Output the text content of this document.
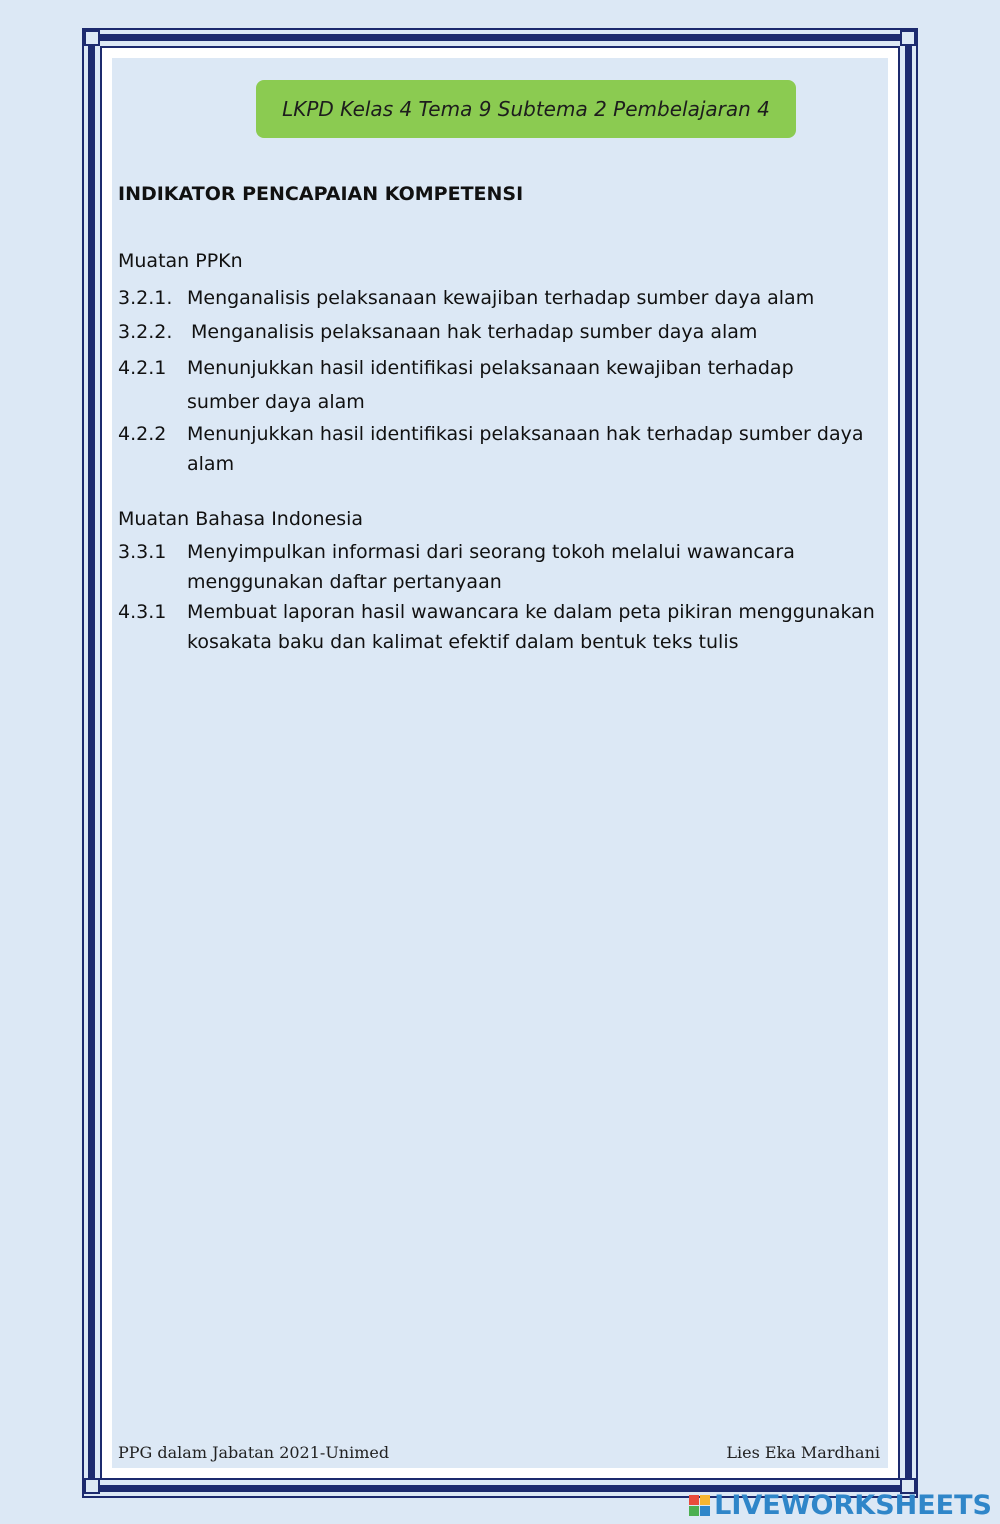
LKPD Kelas 4 Tema 9 Subtema 2 Pembelajaran 4
INDIKATOR PENCAPAIAN KOMPETENSI
Muatan PPKn
3.2.1. Menganalisis pelaksanaan kewajiban terhadap sumber daya alam
3.2.2. Menganalisis pelaksanaan hak terhadap sumber daya alam
4.2.1 Menunjukkan hasil identifikasi pelaksanaan kewajiban terhadap sumber daya alam
4.2.2 Menunjukkan hasil identifikasi pelaksanaan hak terhadap sumber daya alam
Muatan Bahasa Indonesia
3.3.1 Menyimpulkan informasi dari seorang tokoh melalui wawancara menggunakan daftar pertanyaan
4.3.1 Membuat laporan hasil wawancara ke dalam peta pikiran menggunakan kosakata baku dan kalimat efektif dalam bentuk teks tulis
PPG dalam Jabatan 2021-Unimed	Lies Eka Mardhani
LIVEWORKSHEETS
